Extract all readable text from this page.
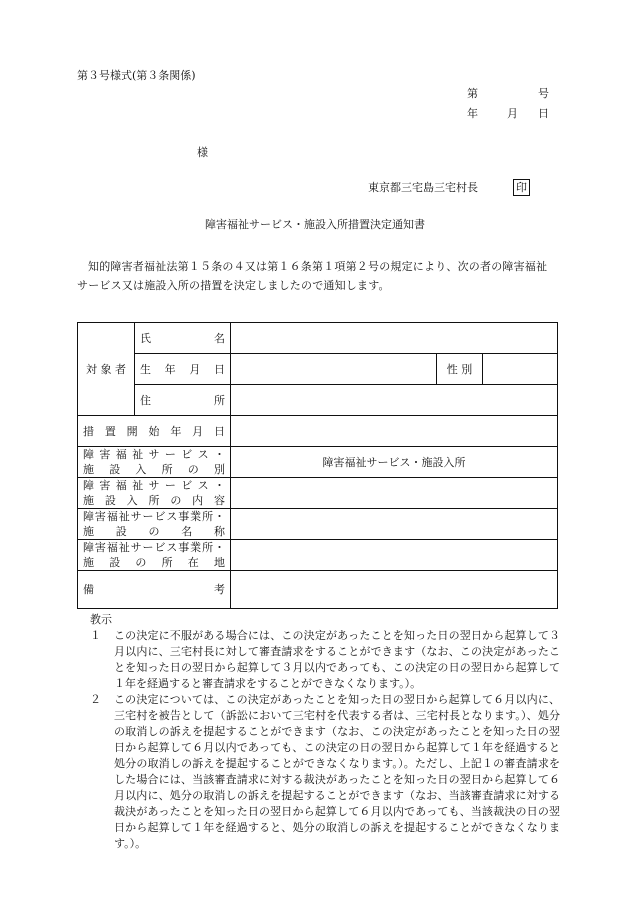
第３号様式(第３条関係)
第	号
年	月 日
様
東京都三宅島三宅村長	印
障害福祉サービス・施設入所措置決定通知書
知的障害者福祉法第１５条の４又は第１６条第１項第２号の規定により、次の者の障害福祉サービス又は施設入所の措置を決定しましたので通知します。
対 象 者	氏名			
	生年月日		性 別	
	住所			
措置開始年月日				

障害福祉サービス・
施設入所の別		障害福祉サービス・施設入所		

障害福祉サービス・
施設入所の内容				

障害福祉サービス事業所・
施設の名称				

障害福祉サービス事業所・
施設の所在地				

備考				
教示
１ この決定に不服がある場合には、この決定があったことを知った日の翌日から起算して３月以内に、三宅村長に対して審査請求をすることができます（なお、この決定があったことを知った日の翌日から起算して３月以内であっても、この決定の日の翌日から起算して１年を経過すると審査請求をすることができなくなります。）。
２ この決定については、この決定があったことを知った日の翌日から起算して６月以内に、三宅村を被告として（訴訟において三宅村を代表する者は、三宅村長となります。）、処分の取消しの訴えを提起することができます（なお、この決定があったことを知った日の翌日から起算して６月以内であっても、この決定の日の翌日から起算して１年を経過すると処分の取消しの訴えを提起することができなくなります。）。ただし、上記１の審査請求をした場合には、当該審査請求に対する裁決があったことを知った日の翌日から起算して６月以内に、処分の取消しの訴えを提起することができます（なお、当該審査請求に対する裁決があったことを知った日の翌日から起算して６月以内であっても、当該裁決の日の翌日から起算して１年を経過すると、処分の取消しの訴えを提起することができなくなります。）。
